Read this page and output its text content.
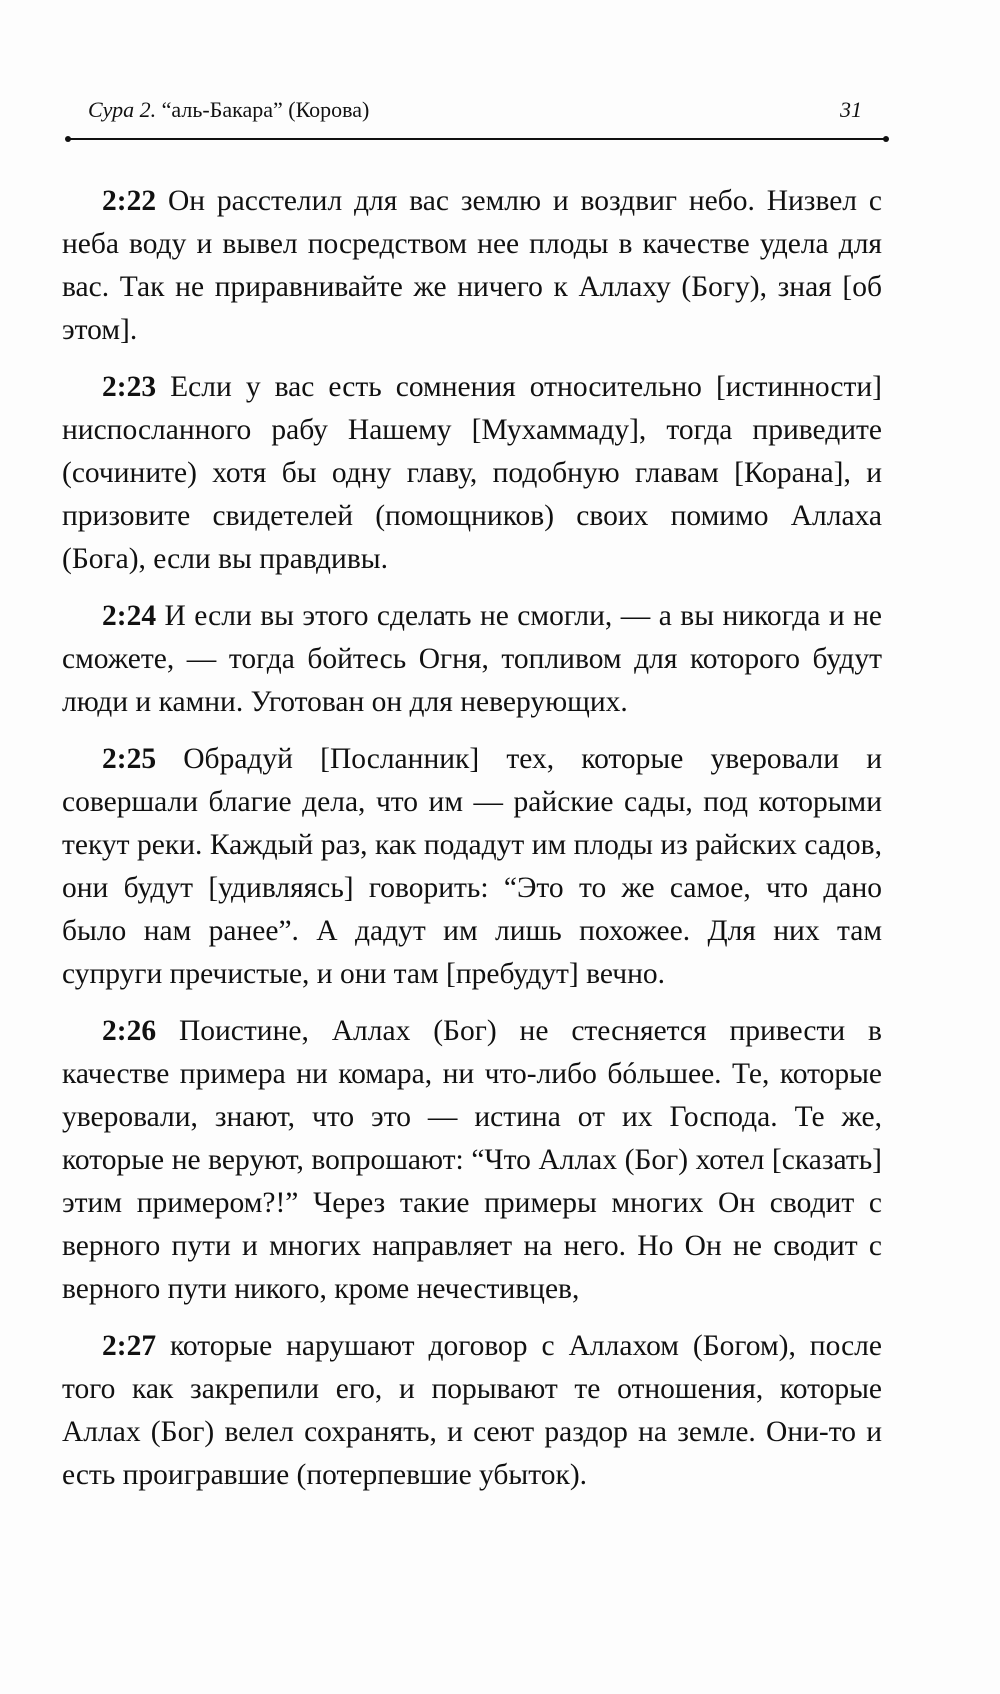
Сура 2. “аль-Бакара” (Корова)	31

2:22 Он расстелил для вас землю и воздвиг небо. Низвел с неба воду и вывел посредством нее плоды в качестве удела для вас. Так не приравнивайте же ничего к Аллаху (Богу), зная [об этом].

2:23 Если у вас есть сомнения относительно [истинности] ниспосланного рабу Нашему [Мухаммаду], тогда приведите (сочините) хотя бы одну главу, подобную главам [Корана], и призовите свидетелей (помощников) своих помимо Аллаха (Бога), если вы правдивы.

2:24 И если вы этого сделать не смогли, — а вы никогда и не сможете, — тогда бойтесь Огня, топливом для которого будут люди и камни. Уготован он для неверующих.

2:25 Обрадуй [Посланник] тех, которые уверовали и совершали благие дела, что им — райские сады, под которыми текут реки. Каждый раз, как подадут им плоды из райских садов, они будут [удивляясь] говорить: “Это то же самое, что дано было нам ранее”. А дадут им лишь похожее. Для них там супруги пречистые, и они там [пребудут] вечно.

2:26 Поистине, Аллах (Бог) не стесняется привести в качестве примера ни комара, ни что-либо бóльшее. Те, которые уверовали, знают, что это — истина от их Господа. Те же, которые не веруют, вопрошают: “Что Аллах (Бог) хотел [сказать] этим примером?!” Через такие примеры многих Он сводит с верного пути и многих направляет на него. Но Он не сводит с верного пути никого, кроме нечестивцев,

2:27 которые нарушают договор с Аллахом (Богом), после того как закрепили его, и порывают те отношения, которые Аллах (Бог) велел сохранять, и сеют раздор на земле. Они-то и есть проигравшие (потерпевшие убыток).
